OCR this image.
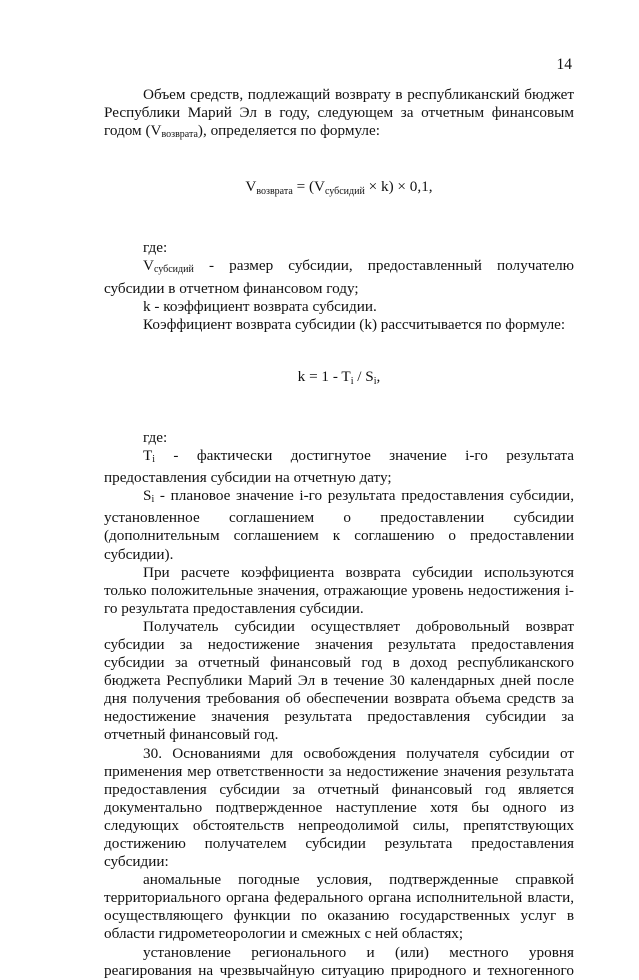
14

Объем средств, подлежащий возврату в республиканский бюджет Республики Марий Эл в году, следующем за отчетным финансовым годом $(V_{возврата})$, определяется по формуле:

Vвозврата = (Vсубсидий × k) × 0,1,

где:

$V_{субсидий}$ - размер субсидии, предоставленный получателю субсидии в отчетном финансовом году;

k - коэффициент возврата субсидии.

Коэффициент возврата субсидии (k) рассчитывается по формуле:

k = 1 - Ti / Si,

где:

$T_i$ - фактически достигнутое значение i-го результата предоставления субсидии на отчетную дату;

$S_i$ - плановое значение i-го результата предоставления субсидии, установленное соглашением о предоставлении субсидии (дополнительным соглашением к соглашению о предоставлении субсидии).

При расчете коэффициента возврата субсидии используются только положительные значения, отражающие уровень недостижения i-го результата предоставления субсидии.

Получатель субсидии осуществляет добровольный возврат субсидии за недостижение значения результата предоставления субсидии за отчетный финансовый год в доход республиканского бюджета Республики Марий Эл в течение 30 календарных дней после дня получения требования об обеспечении возврата объема средств за недостижение значения результата предоставления субсидии за отчетный финансовый год.

30. Основаниями для освобождения получателя субсидии от применения мер ответственности за недостижение значения результата предоставления субсидии за отчетный финансовый год является документально подтвержденное наступление хотя бы одного из следующих обстоятельств непреодолимой силы, препятствующих достижению получателем субсидии результата предоставления субсидии:

аномальные погодные условия, подтвержденные справкой территориального органа федерального органа исполнительной власти, осуществляющего функции по оказанию государственных услуг в области гидрометеорологии и смежных с ней областях;

установление регионального и (или) местного уровня реагирования на чрезвычайную ситуацию природного и техногенного
